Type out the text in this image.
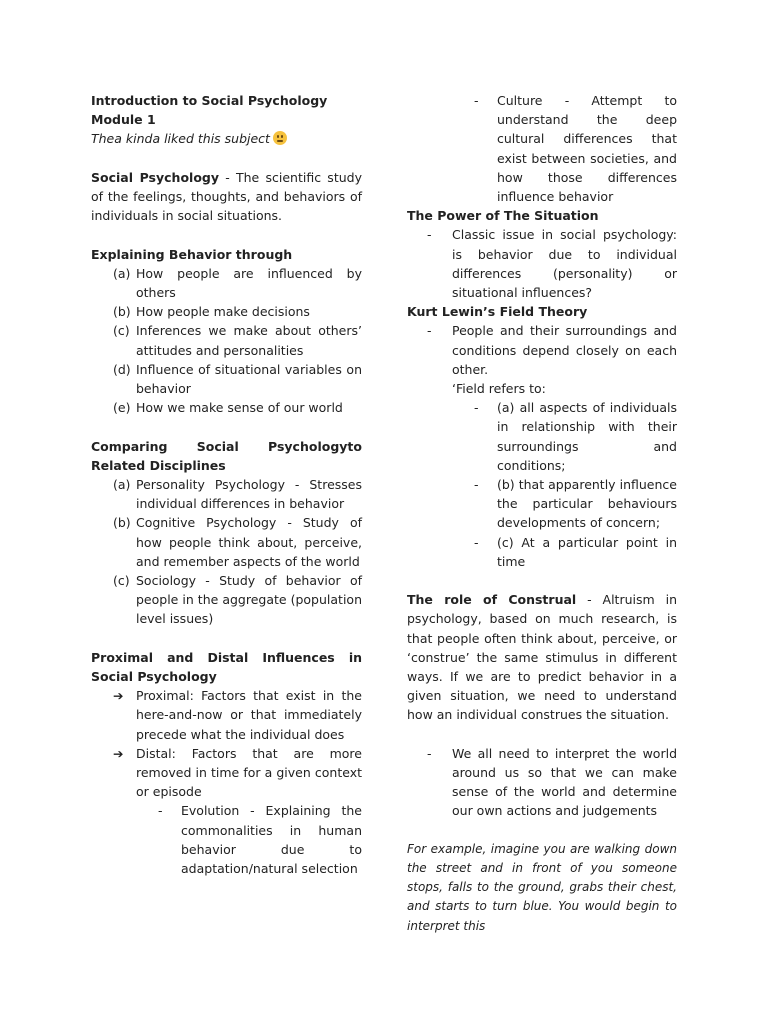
Introduction to Social Psychology

Module 1

Thea kinda liked this subject

Social Psychology - The scientific study of the feelings, thoughts, and behaviors of individuals in social situations.

Explaining Behavior through

(a) How people are influenced by others
(b) How people make decisions
(c) Inferences we make about others’ attitudes and personalities
(d) Influence of situational variables on behavior
(e) How we make sense of our world

Comparing Social Psychologyto Related Disciplines

(a) Personality Psychology - Stresses individual differences in behavior
(b) Cognitive Psychology - Study of how people think about, perceive, and remember aspects of the world
(c) Sociology - Study of behavior of people in the aggregate (population level issues)

Proximal and Distal Influences in Social Psychology

➔ Proximal: Factors that exist in the here-and-now or that immediately precede what the individual does
➔ Distal: Factors that are more removed in time for a given context or episode
- Evolution - Explaining the commonalities in human behavior due to adaptation/natural selection
- Culture - Attempt to understand the deep cultural differences that exist between societies, and how those differences influence behavior

The Power of The Situation

- Classic issue in social psychology: is behavior due to individual differences (personality) or situational influences?

Kurt Lewin’s Field Theory

- People and their surroundings and conditions depend closely on each other.

‘Field refers to:

- (a) all aspects of individuals in relationship with their surroundings and conditions;
- (b) that apparently influence the particular behaviours developments of concern;
- (c) At a particular point in time

The role of Construal - Altruism in psychology, based on much research, is that people often think about, perceive, or ‘construe’ the same stimulus in different ways. If we are to predict behavior in a given situation, we need to understand how an individual construes the situation.

- We all need to interpret the world around us so that we can make sense of the world and determine our own actions and judgements

For example, imagine you are walking down the street and in front of you someone stops, falls to the ground, grabs their chest, and starts to turn blue. You would begin to interpret this
